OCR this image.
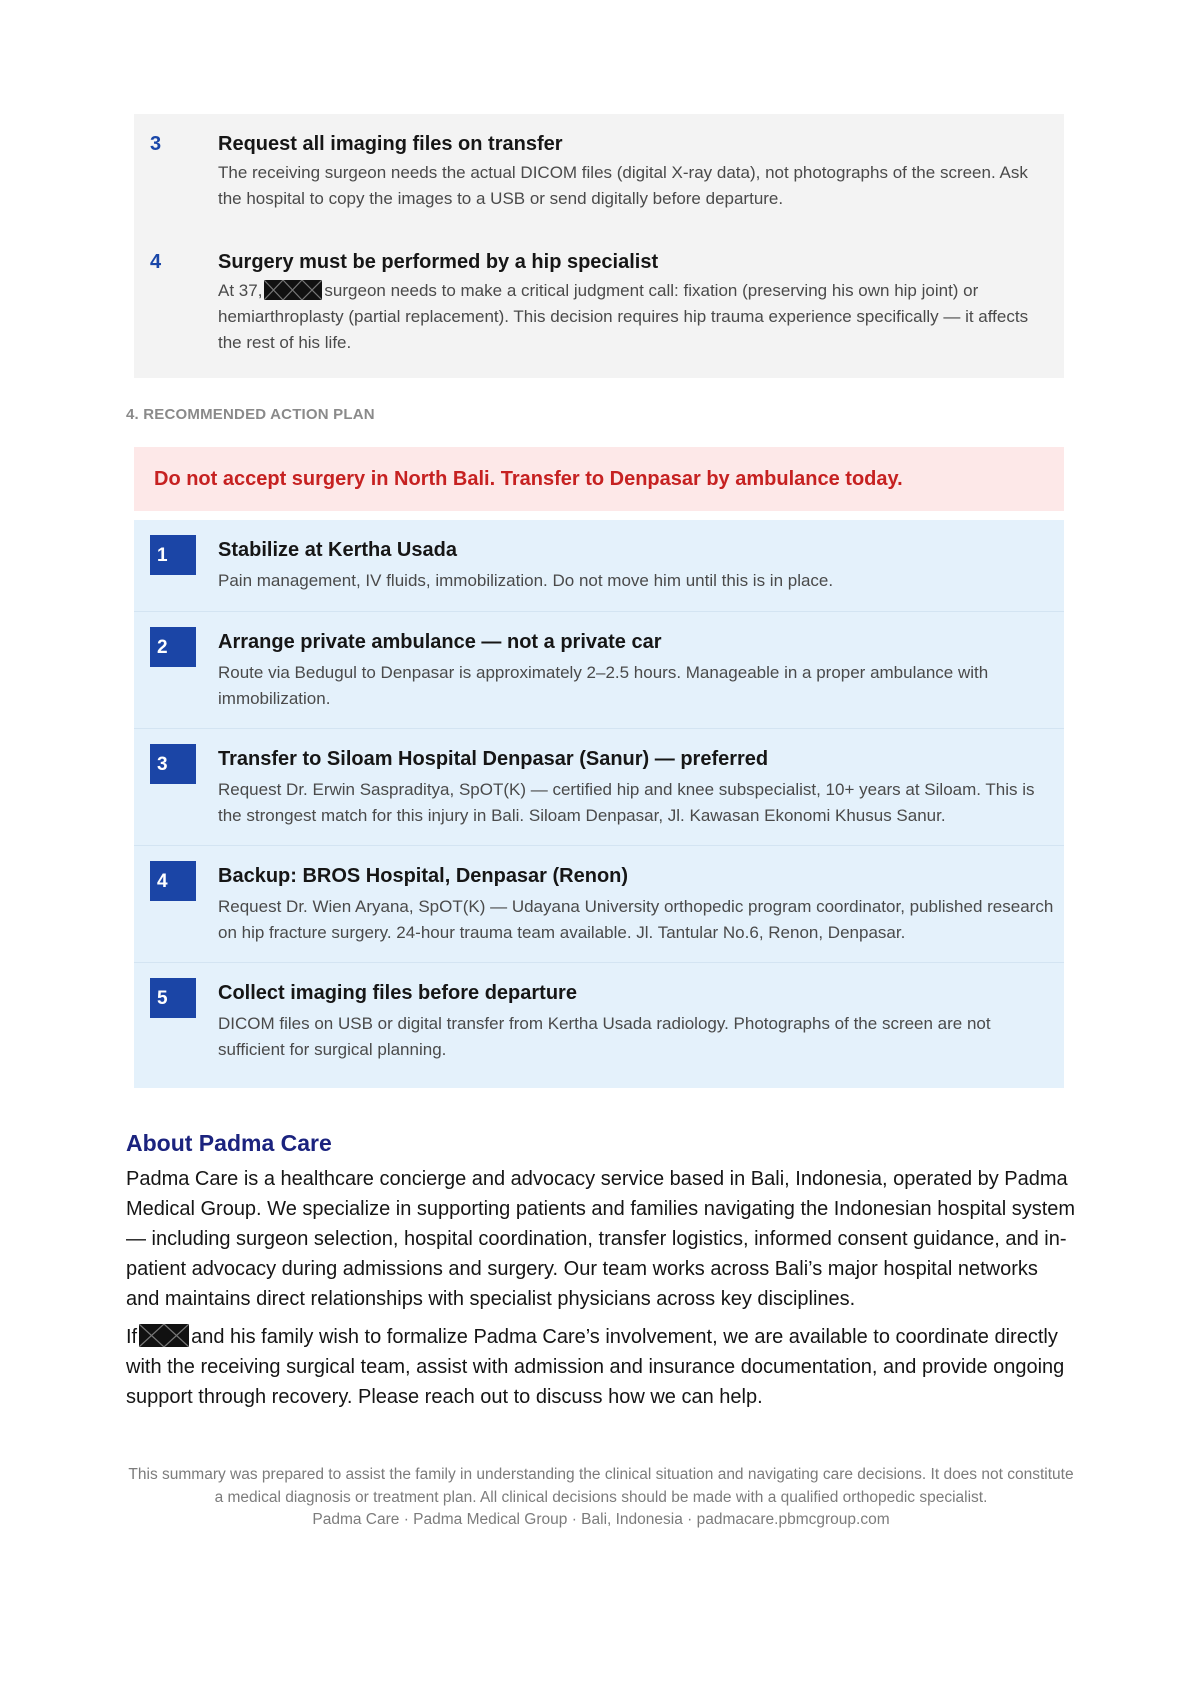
3	Request all imaging files on transfer
The receiving surgeon needs the actual DICOM files (digital X-ray data), not photographs of the screen. Ask the hospital to copy the images to a USB or send digitally before departure.
4	Surgery must be performed by a hip specialist
At 37,	surgeon needs to make a critical judgment call: fixation (preserving his own hip joint) or hemiarthroplasty (partial replacement). This decision requires hip trauma experience specifically — it affects the rest of his life.
4. RECOMMENDED ACTION PLAN
Do not accept surgery in North Bali. Transfer to Denpasar by ambulance today.
1	Stabilize at Kertha Usada
Pain management, IV fluids, immobilization. Do not move him until this is in place.
2	Arrange private ambulance — not a private car
Route via Bedugul to Denpasar is approximately 2–2.5 hours. Manageable in a proper ambulance with immobilization.
3	Transfer to Siloam Hospital Denpasar (Sanur) — preferred
Request Dr. Erwin Saspraditya, SpOT(K) — certified hip and knee subspecialist, 10+ years at Siloam. This is the strongest match for this injury in Bali. Siloam Denpasar, Jl. Kawasan Ekonomi Khusus Sanur.
4	Backup: BROS Hospital, Denpasar (Renon)
Request Dr. Wien Aryana, SpOT(K) — Udayana University orthopedic program coordinator, published research on hip fracture surgery. 24-hour trauma team available. Jl. Tantular No.6, Renon, Denpasar.
5	Collect imaging files before departure
DICOM files on USB or digital transfer from Kertha Usada radiology. Photographs of the screen are not sufficient for surgical planning.
About Padma Care
Padma Care is a healthcare concierge and advocacy service based in Bali, Indonesia, operated by Padma Medical Group. We specialize in supporting patients and families navigating the Indonesian hospital system — including surgeon selection, hospital coordination, transfer logistics, informed consent guidance, and in-patient advocacy during admissions and surgery. Our team works across Bali’s major hospital networks and maintains direct relationships with specialist physicians across key disciplines.
If	and his family wish to formalize Padma Care’s involvement, we are available to coordinate directly with the receiving surgical team, assist with admission and insurance documentation, and provide ongoing support through recovery. Please reach out to discuss how we can help.
This summary was prepared to assist the family in understanding the clinical situation and navigating care decisions. It does not constitute a medical diagnosis or treatment plan. All clinical decisions should be made with a qualified orthopedic specialist.
Padma Care · Padma Medical Group · Bali, Indonesia · padmacare.pbmcgroup.com
